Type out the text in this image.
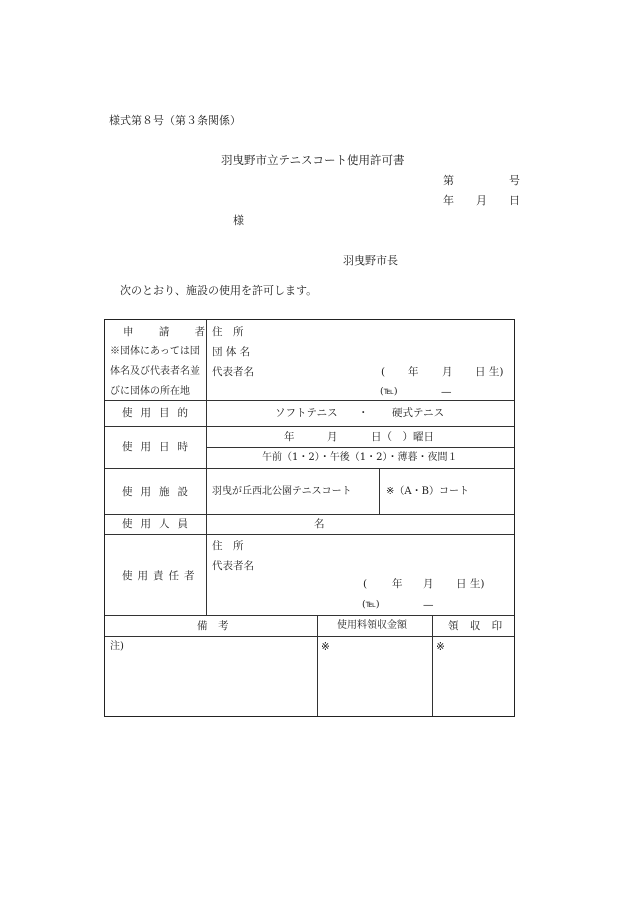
様式第８号（第３条関係）
羽曳野市立テニスコート使用許可書
第	号
年 月 日
様
羽曳野市長
次のとおり、施設の使用を許可します。
申 請 者
※団体にあっては団
体名及び代表者名並
びに団体の所在地
住　所
団 体 名
代表者名	( 年 月 日 生)
(℡)	—
使用目的	ソフトテニス ・ 硬式テニス
使用日時
年	月	日（　）曜日
午前（1・2）・午後（1・2）・薄暮・夜間１
使用施設 羽曳が丘西北公園テニスコート	※（A・B）コート
使用人員	名
使用責任者
住　所
代表者名
( 年 月 日 生)
(℡)	—
備　考	使用料領収金額	領 収 印
注)	※	※
